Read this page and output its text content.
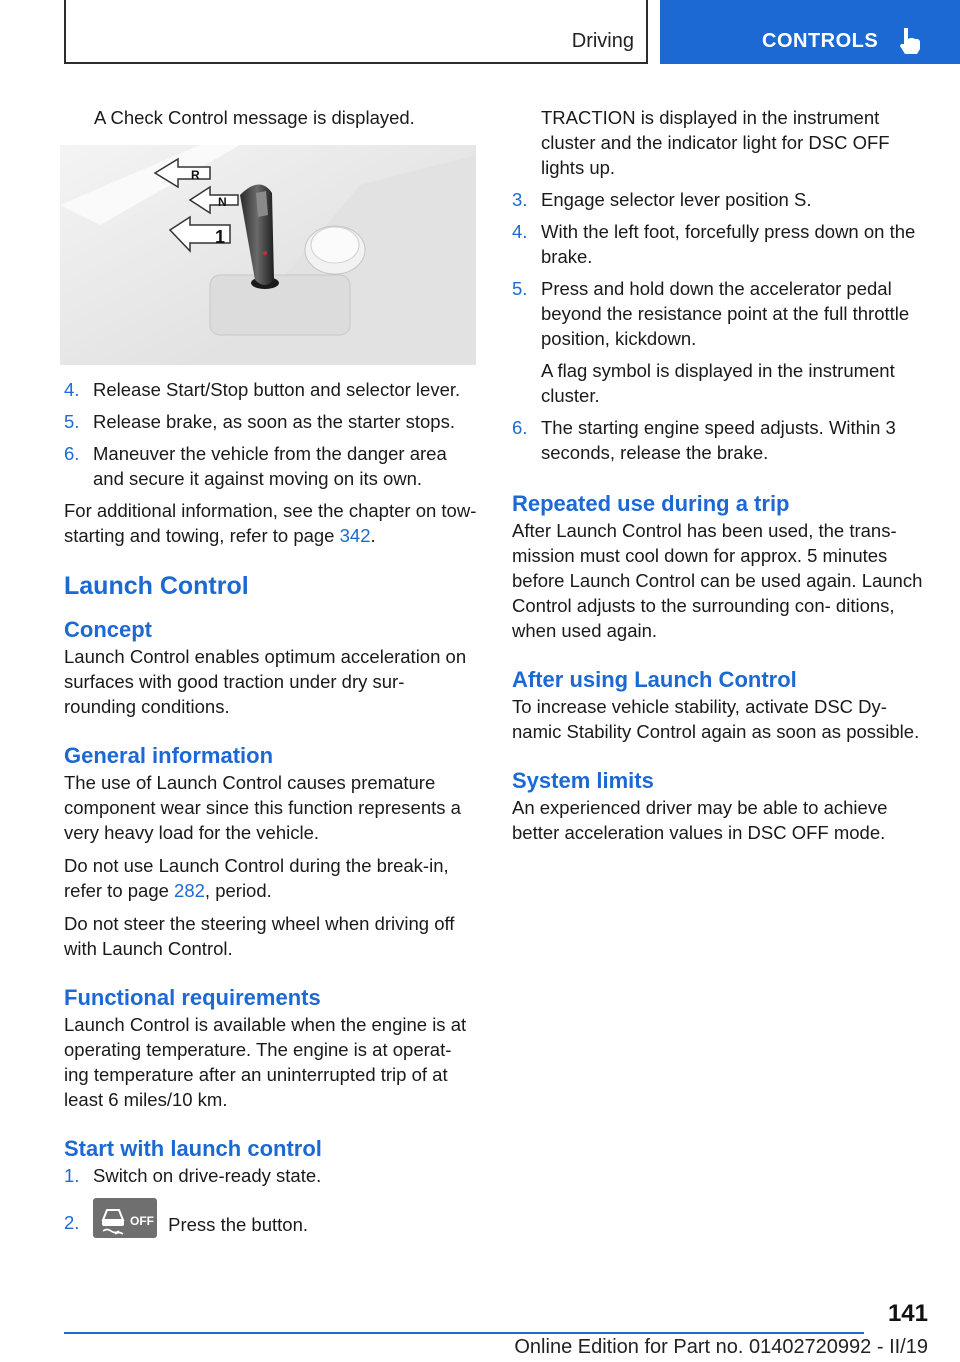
Driving	CONTROLS

A Check Control message is displayed.

R
N
1
4. Release Start/Stop button and selector lever.
5. Release brake, as soon as the starter stops.
6. Maneuver the vehicle from the danger area and secure it against moving on its own.

For additional information, see the chapter on tow-starting and towing, refer to page 342.

Launch Control
Concept

Launch Control enables optimum acceleration on surfaces with good traction under dry sur- rounding conditions.

General information

The use of Launch Control causes premature component wear since this function represents a very heavy load for the vehicle.

Do not use Launch Control during the break-in, refer to page 282, period.

Do not steer the steering wheel when driving off with Launch Control.

Functional requirements

Launch Control is available when the engine is at operating temperature. The engine is at operat- ing temperature after an uninterrupted trip of at least 6 miles/10 km.

Start with launch control
1. Switch on drive-ready state.
2.	OFF Press the button.

TRACTION is displayed in the instrument cluster and the indicator light for DSC OFF lights up.

3. Engage selector lever position S.
4. With the left foot, forcefully press down on the brake.
5. Press and hold down the accelerator pedal beyond the resistance point at the full throttle position, kickdown.

A flag symbol is displayed in the instrument cluster.

6. The starting engine speed adjusts. Within 3 seconds, release the brake.
Repeated use during a trip

After Launch Control has been used, the trans- mission must cool down for approx. 5 minutes before Launch Control can be used again. Launch Control adjusts to the surrounding con- ditions, when used again.

After using Launch Control

To increase vehicle stability, activate DSC Dy- namic Stability Control again as soon as possible.

System limits

An experienced driver may be able to achieve better acceleration values in DSC OFF mode.

141
Online Edition for Part no. 01402720992 - II/19
